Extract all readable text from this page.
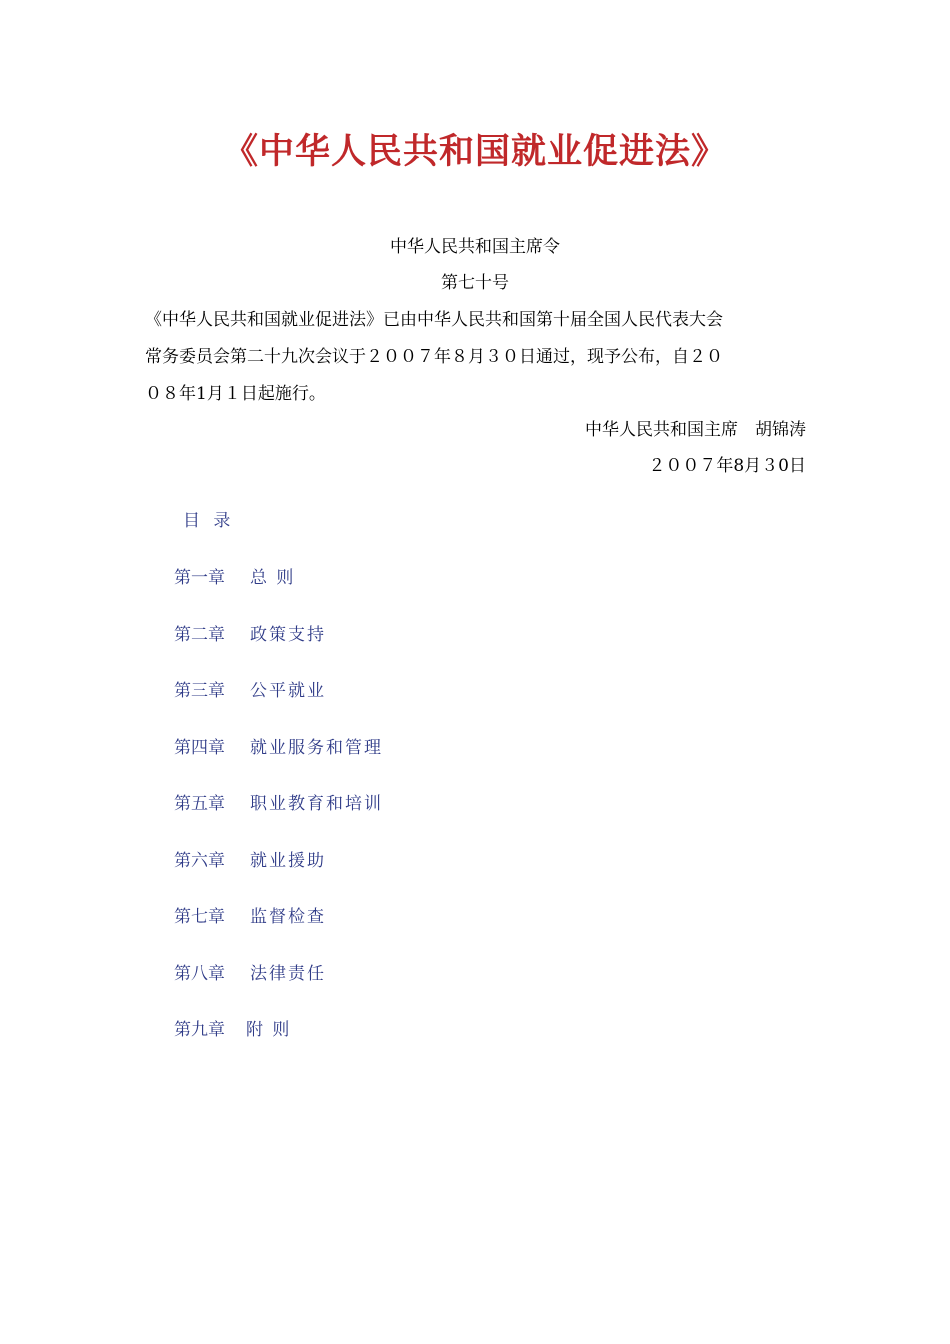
《中华人民共和国就业促进法》
中华人民共和国主席令
第七十号
《中华人民共和国就业促进法》已由中华人民共和国第十届全国人民代表大会
常务委员会第二十九次会议于２００７年８月３０日通过，现予公布，自２０
０８年1月１日起施行。
中华人民共和国主席　胡锦涛
２００７年8月３0日
目 录
第一章 总 则
第二章 政策支持
第三章 公平就业
第四章 就业服务和管理
第五章 职业教育和培训
第六章 就业援助
第七章 监督检查
第八章 法律责任
第九章 附 则
